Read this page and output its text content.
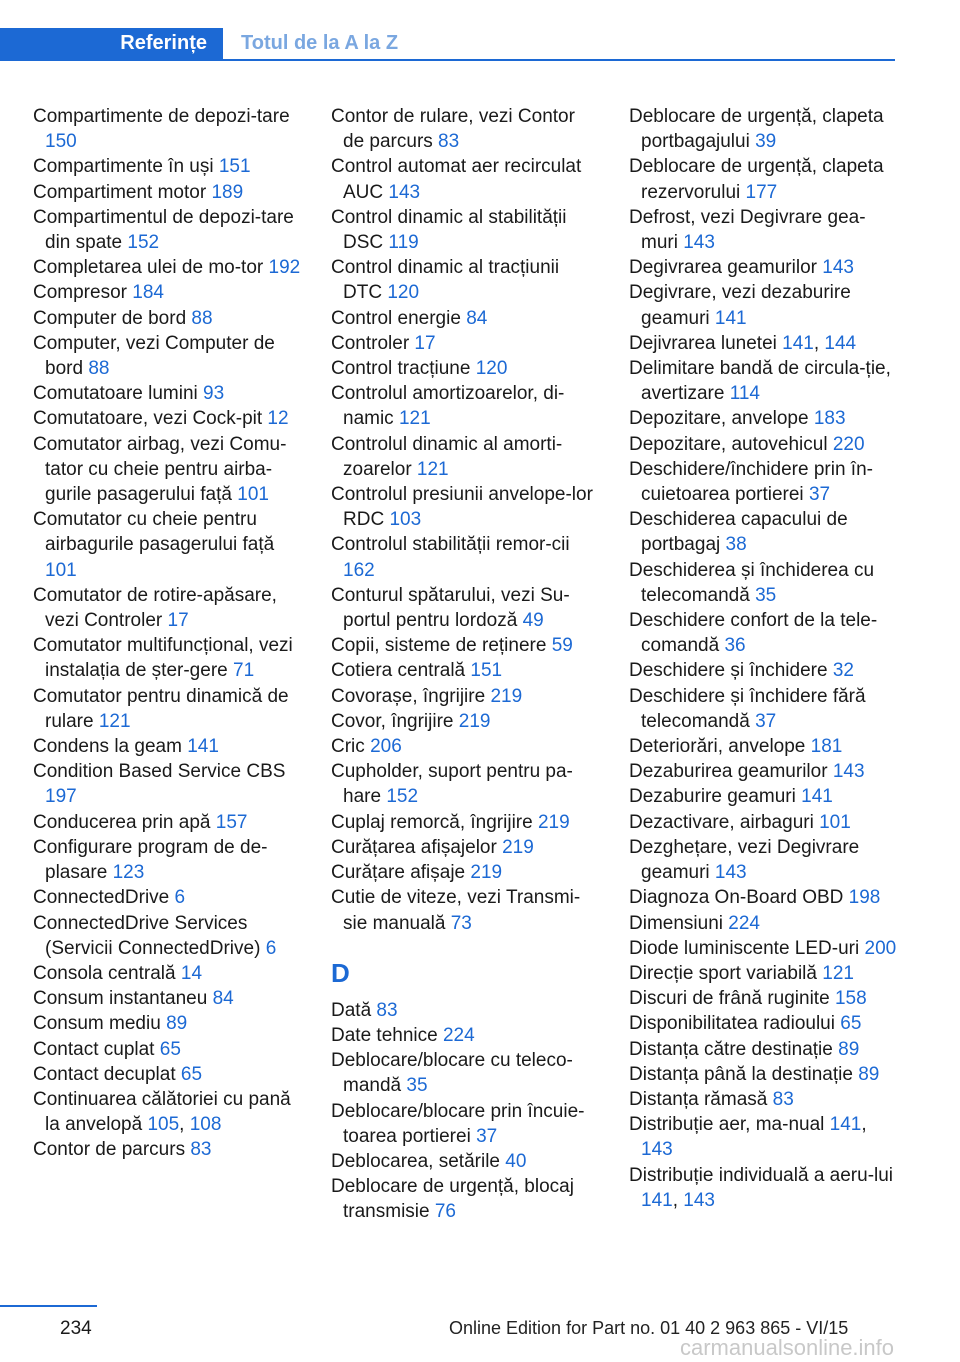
Referințe	Totul de la A la Z
Compartimente de depozi-tare 150
Compartimente în uși 151
Compartiment motor 189
Compartimentul de depozi-tare din spate 152
Completarea ulei de mo-tor 192
Compresor 184
Computer de bord 88
Computer, vezi Computer de bord 88
Comutatoare lumini 93
Comutatoare, vezi Cock-pit 12
Comutator airbag, vezi Comu-tator cu cheie pentru airba-gurile pasagerului față 101
Comutator cu cheie pentru airbagurile pasagerului față 101
Comutator de rotire-apăsare, vezi Controler 17
Comutator multifuncțional, vezi instalația de șter-gere 71
Comutator pentru dinamică de rulare 121
Condens la geam 141
Condition Based Service CBS 197
Conducerea prin apă 157
Configurare program de de-plasare 123
ConnectedDrive 6
ConnectedDrive Services (Servicii ConnectedDrive) 6
Consola centrală 14
Consum instantaneu 84
Consum mediu 89
Contact cuplat 65
Contact decuplat 65
Continuarea călătoriei cu pană la anvelopă 105, 108
Contor de parcurs 83
Contor de rulare, vezi Contor de parcurs 83
Control automat aer recirculat AUC 143
Control dinamic al stabilității DSC 119
Control dinamic al tracțiunii DTC 120
Control energie 84
Controler 17
Control tracțiune 120
Controlul amortizoarelor, di-namic 121
Controlul dinamic al amorti-zoarelor 121
Controlul presiunii anvelope-lor RDC 103
Controlul stabilității remor-cii 162
Conturul spătarului, vezi Su-portul pentru lordoză 49
Copii, sisteme de reținere 59
Cotiera centrală 151
Covorașe, îngrijire 219
Covor, îngrijire 219
Cric 206
Cupholder, suport pentru pa-hare 152
Cuplaj remorcă, îngrijire 219
Curățarea afișajelor 219
Curățare afișaje 219
Cutie de viteze, vezi Transmi-sie manuală 73
D
Dată 83
Date tehnice 224
Deblocare/blocare cu teleco-mandă 35
Deblocare/blocare prin încuie-toarea portierei 37
Deblocarea, setările 40
Deblocare de urgență, blocaj transmisie 76
Deblocare de urgență, clapeta portbagajului 39
Deblocare de urgență, clapeta rezervorului 177
Defrost, vezi Degivrare gea-muri 143
Degivrarea geamurilor 143
Degivrare, vezi dezaburire geamuri 141
Dejivrarea lunetei 141, 144
Delimitare bandă de circula-ție, avertizare 114
Depozitare, anvelope 183
Depozitare, autovehicul 220
Deschidere/închidere prin în-cuietoarea portierei 37
Deschiderea capacului de portbagaj 38
Deschiderea și închiderea cu telecomandă 35
Deschidere confort de la tele-comandă 36
Deschidere și închidere 32
Deschidere și închidere fără telecomandă 37
Deteriorări, anvelope 181
Dezaburirea geamurilor 143
Dezaburire geamuri 141
Dezactivare, airbaguri 101
Dezghețare, vezi Degivrare geamuri 143
Diagnoza On-Board OBD 198
Dimensiuni 224
Diode luminiscente LED-uri 200
Direcție sport variabilă 121
Discuri de frână ruginite 158
Disponibilitatea radioului 65
Distanța către destinație 89
Distanța până la destinație 89
Distanța rămasă 83
Distribuție aer, ma-nual 141, 143
Distribuție individuală a aeru-lui 141, 143
234	Online Edition for Part no. 01 40 2 963 865 - VI/15
carmanualsonline.info
